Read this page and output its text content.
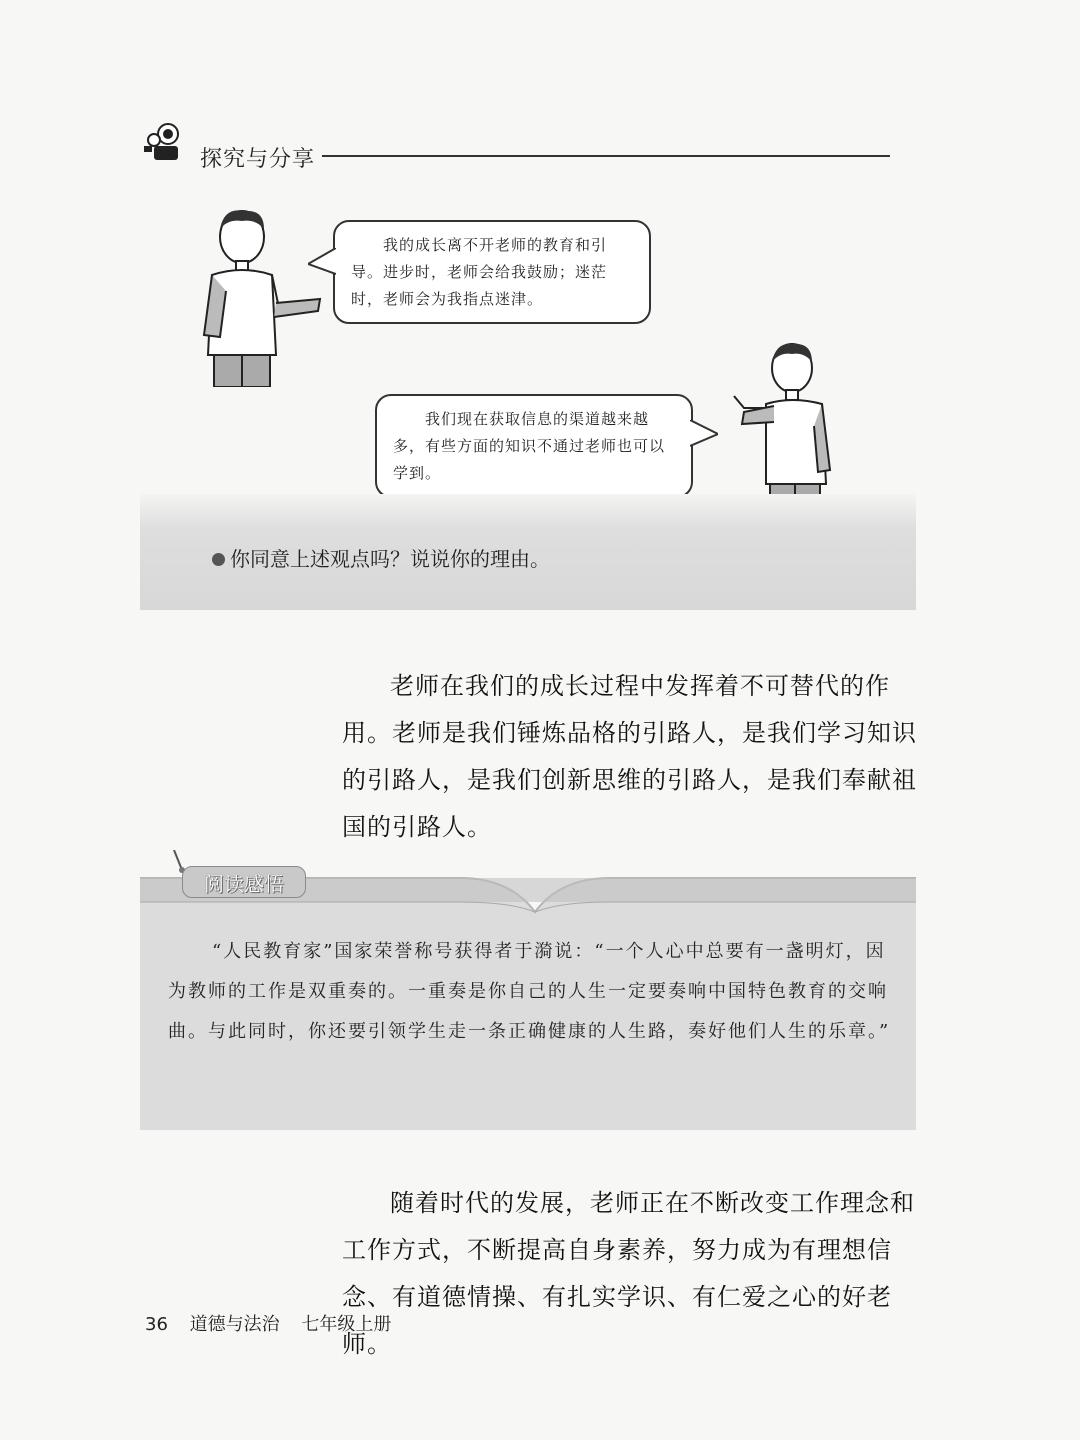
探究与分享
我的成长离不开老师的教育和引导。进步时，老师会给我鼓励；迷茫时，老师会为我指点迷津。
我们现在获取信息的渠道越来越多，有些方面的知识不通过老师也可以学到。
你同意上述观点吗？说说你的理由。
老师在我们的成长过程中发挥着不可替代的作用。老师是我们锤炼品格的引路人，是我们学习知识的引路人，是我们创新思维的引路人，是我们奉献祖国的引路人。
阅读感悟
“人民教育家”国家荣誉称号获得者于漪说：“一个人心中总要有一盏明灯，因为教师的工作是双重奏的。一重奏是你自己的人生一定要奏响中国特色教育的交响曲。与此同时，你还要引领学生走一条正确健康的人生路，奏好他们人生的乐章。”
随着时代的发展，老师正在不断改变工作理念和工作方式，不断提高自身素养，努力成为有理想信念、有道德情操、有扎实学识、有仁爱之心的好老师。
36 道德与法治 七年级上册
